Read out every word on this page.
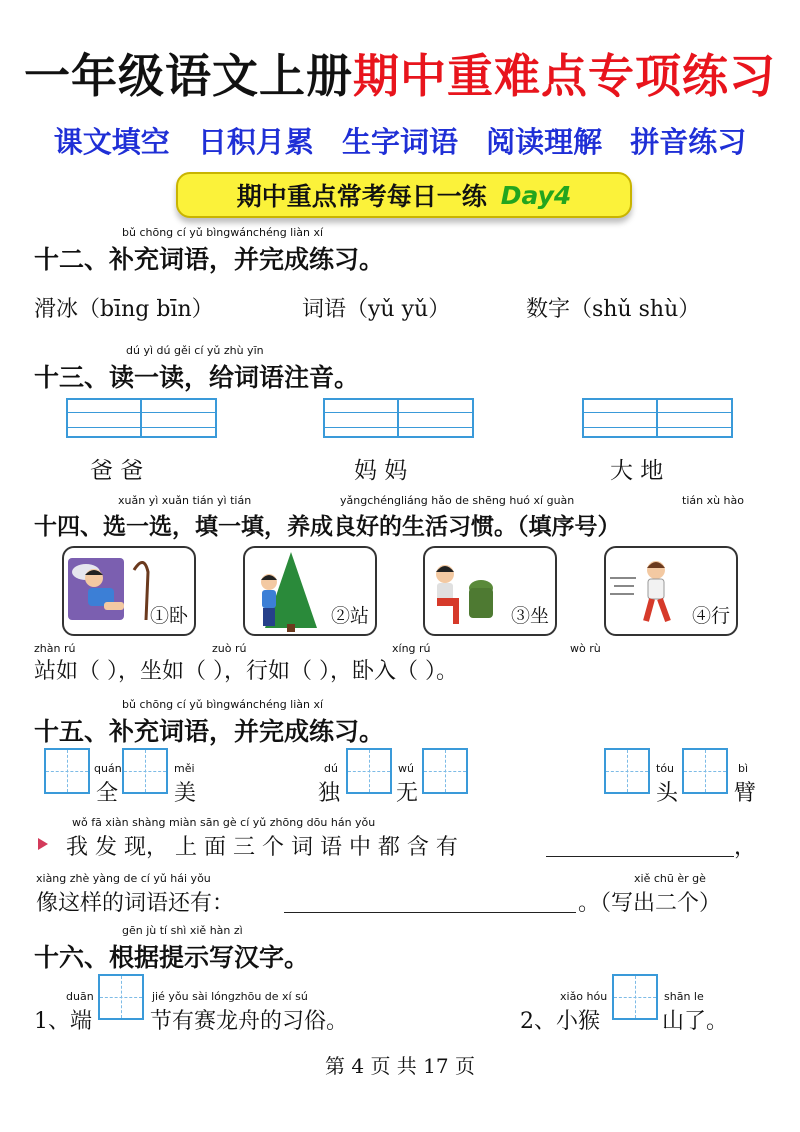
一年级语文上册期中重难点专项练习
课文填空 日积月累 生字词语 阅读理解 拼音练习
期中重点常考每日一练 Day4
bǔ chōng cí yǔ bìngwánchéng liàn xí
十二、补充词语，并完成练习。
滑冰（bīng bīn）	词语（yǔ yǔ）	数字（shǔ shù）
dú yì dú gěi cí yǔ zhù yīn
十三、读一读，给词语注音。
爸 爸	妈 妈	大 地
xuǎn yì xuǎn tián yì tián	yǎngchéngliáng hǎo de shēng huó xí guàn	tián xù hào
十四、选一选，填一填，养成良好的生活习惯。（填序号）
①卧	②站	③坐	④行
zhàn rú	zuò rú	xíng rú	wò rù
站如（ ），坐如（ ），行如（ ），卧入（ ）。
bǔ chōng cí yǔ bìngwánchéng liàn xí
十五、补充词语，并完成练习。
quán
全
měi
美
dú
独
wú
无
tóu
头
bì
臂
wǒ fā xiàn shàng miàn sān gè cí yǔ zhōng dōu hán yǒu
我 发 现， 上 面 三 个 词 语 中 都 含 有	，
xiàng zhè yàng de cí yǔ hái yǒu	xiě chū èr gè
像这样的词语还有：	。（写出二个）
gēn jù tí shì xiě hàn zì
十六、根据提示写汉字。
duān	jié yǒu sài lóngzhōu de xí sú
1、端	节有赛龙舟的习俗。
xiǎo hóu	shān le
2、小猴	山了。
第 4 页 共 17 页
